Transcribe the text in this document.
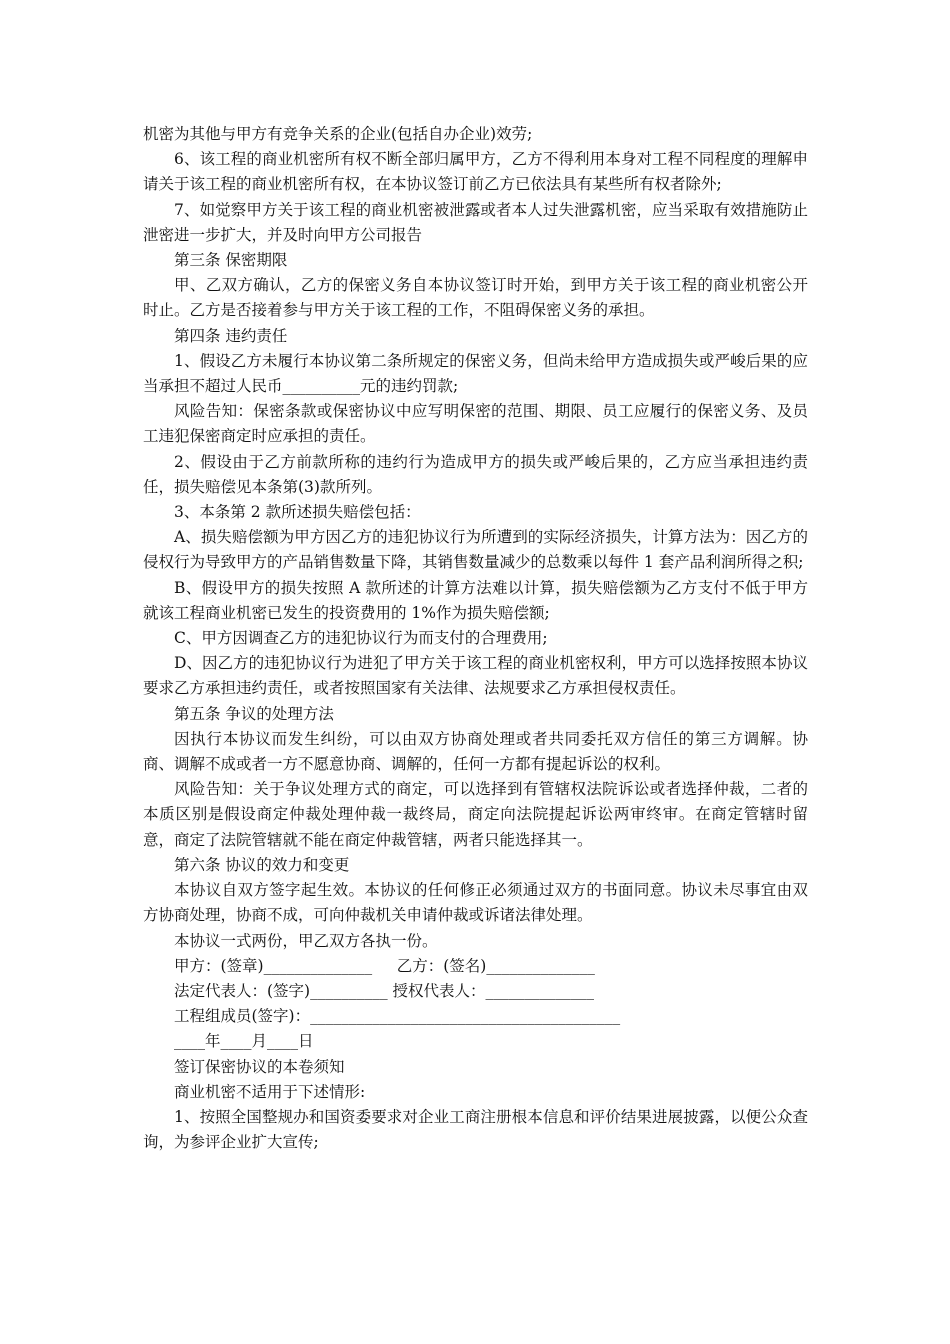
机密为其他与甲方有竞争关系的企业(包括自办企业)效劳;

6、该工程的商业机密所有权不断全部归属甲方，乙方不得利用本身对工程不同程度的理解申请关于该工程的商业机密所有权，在本协议签订前乙方已依法具有某些所有权者除外;

7、如觉察甲方关于该工程的商业机密被泄露或者本人过失泄露机密，应当采取有效措施防止泄密进一步扩大，并及时向甲方公司报告

第三条 保密期限

甲、乙双方确认，乙方的保密义务自本协议签订时开始，到甲方关于该工程的商业机密公开时止。乙方是否接着参与甲方关于该工程的工作，不阻碍保密义务的承担。

第四条 违约责任

1、假设乙方未履行本协议第二条所规定的保密义务，但尚未给甲方造成损失或严峻后果的应当承担不超过人民币__________元的违约罚款;

风险告知：保密条款或保密协议中应写明保密的范围、期限、员工应履行的保密义务、及员工违犯保密商定时应承担的责任。

2、假设由于乙方前款所称的违约行为造成甲方的损失或严峻后果的，乙方应当承担违约责任，损失赔偿见本条第(3)款所列。

3、本条第 2 款所述损失赔偿包括：

A、损失赔偿额为甲方因乙方的违犯协议行为所遭到的实际经济损失，计算方法为：因乙方的侵权行为导致甲方的产品销售数量下降，其销售数量减少的总数乘以每件 1 套产品利润所得之积;

B、假设甲方的损失按照 A 款所述的计算方法难以计算，损失赔偿额为乙方支付不低于甲方就该工程商业机密已发生的投资费用的 1%作为损失赔偿额;

C、甲方因调查乙方的违犯协议行为而支付的合理费用;

D、因乙方的违犯协议行为进犯了甲方关于该工程的商业机密权利，甲方可以选择按照本协议要求乙方承担违约责任，或者按照国家有关法律、法规要求乙方承担侵权责任。

第五条 争议的处理方法

因执行本协议而发生纠纷，可以由双方协商处理或者共同委托双方信任的第三方调解。协商、调解不成或者一方不愿意协商、调解的，任何一方都有提起诉讼的权利。

风险告知：关于争议处理方式的商定，可以选择到有管辖权法院诉讼或者选择仲裁，二者的本质区别是假设商定仲裁处理仲裁一裁终局，商定向法院提起诉讼两审终审。在商定管辖时留意，商定了法院管辖就不能在商定仲裁管辖，两者只能选择其一。

第六条 协议的效力和变更

本协议自双方签字起生效。本协议的任何修正必须通过双方的书面同意。协议未尽事宜由双方协商处理，协商不成，可向仲裁机关申请仲裁或诉诸法律处理。

本协议一式两份，甲乙双方各执一份。

甲方：(签章)______________     乙方：(签名)______________

法定代表人：(签字)__________ 授权代表人：______________

工程组成员(签字)：________________________________________

____年____月____日

签订保密协议的本卷须知

商业机密不适用于下述情形:

1、按照全国整规办和国资委要求对企业工商注册根本信息和评价结果进展披露，以便公众查询，为参评企业扩大宣传;
